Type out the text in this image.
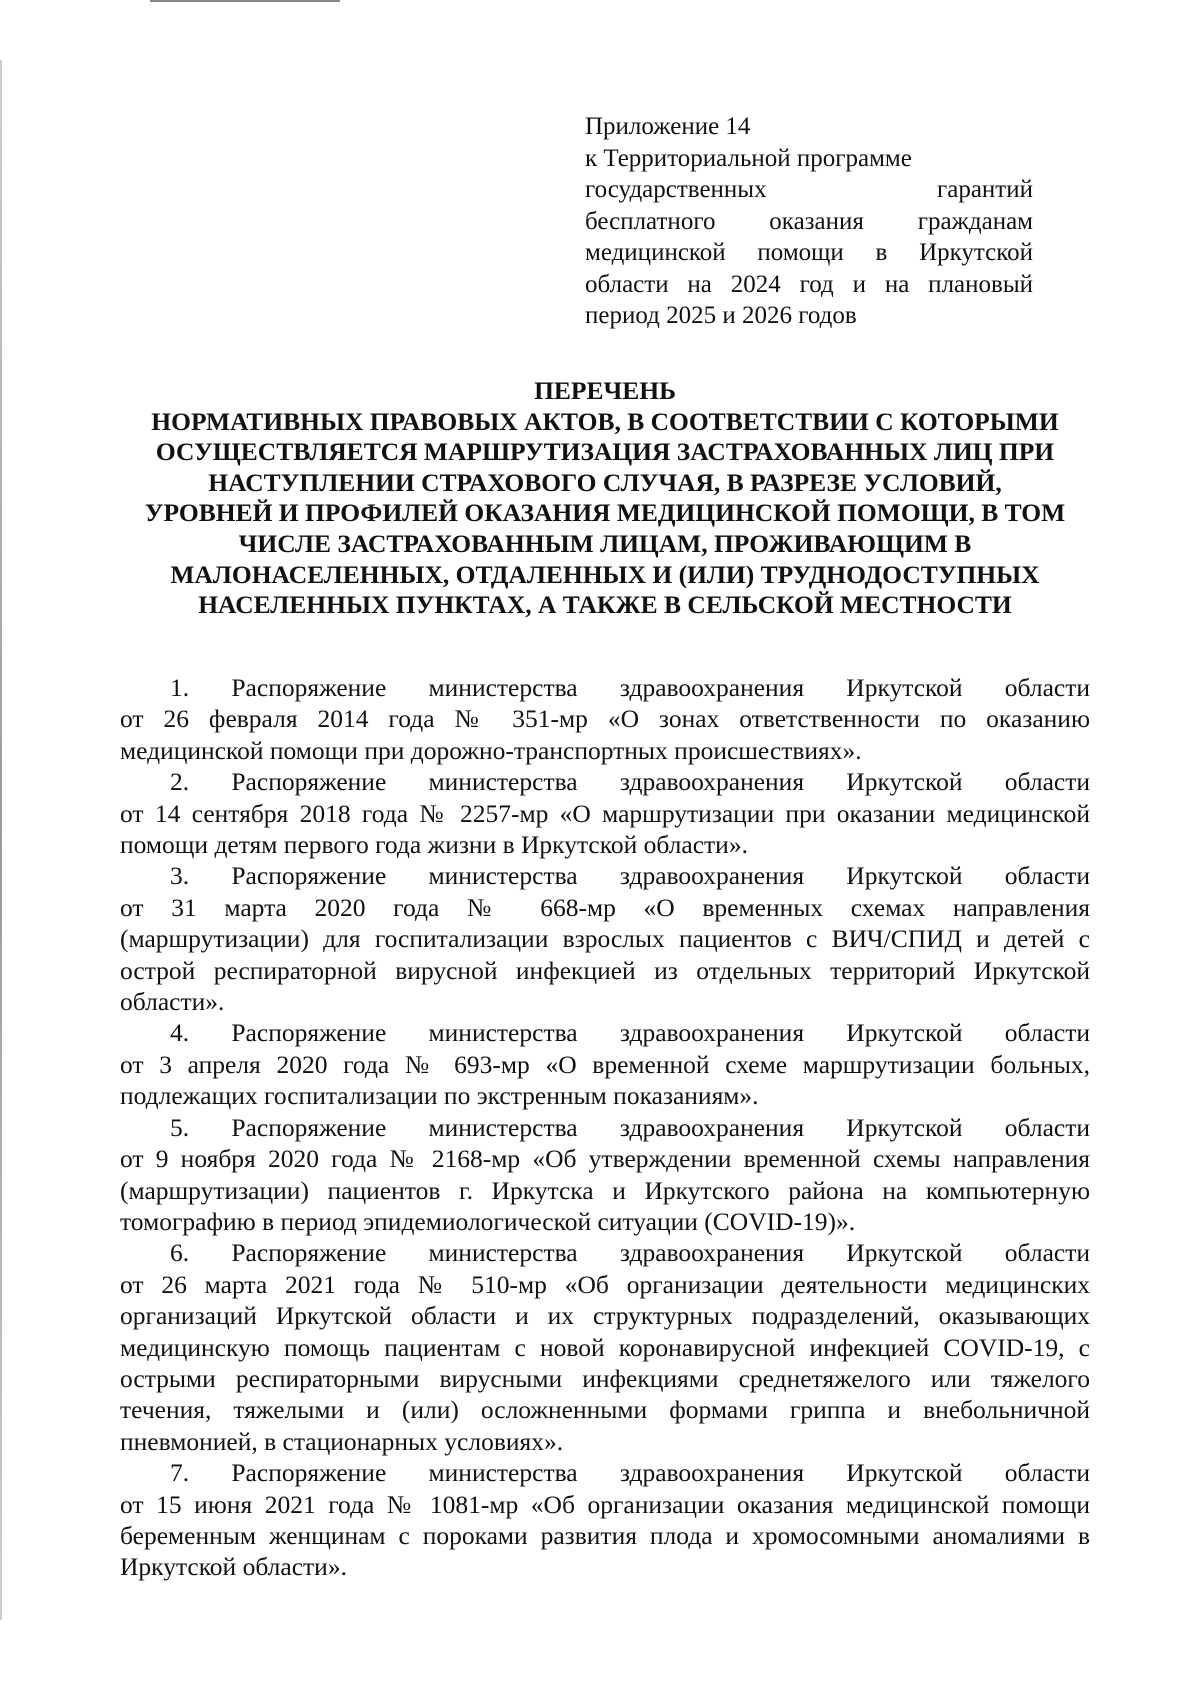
Приложение 14
к Территориальной программе
государственных гарантий
бесплатного оказания гражданам
медицинской помощи в Иркутской
области на 2024 год и на плановый
период 2025 и 2026 годов
ПЕРЕЧЕНЬ
НОРМАТИВНЫХ ПРАВОВЫХ АКТОВ, В СООТВЕТСТВИИ С КОТОРЫМИ
ОСУЩЕСТВЛЯЕТСЯ МАРШРУТИЗАЦИЯ ЗАСТРАХОВАННЫХ ЛИЦ ПРИ
НАСТУПЛЕНИИ СТРАХОВОГО СЛУЧАЯ, В РАЗРЕЗЕ УСЛОВИЙ,
УРОВНЕЙ И ПРОФИЛЕЙ ОКАЗАНИЯ МЕДИЦИНСКОЙ ПОМОЩИ, В ТОМ
ЧИСЛЕ ЗАСТРАХОВАННЫМ ЛИЦАМ, ПРОЖИВАЮЩИМ В
МАЛОНАСЕЛЕННЫХ, ОТДАЛЕННЫХ И (ИЛИ) ТРУДНОДОСТУПНЫХ
НАСЕЛЕННЫХ ПУНКТАХ, А ТАКЖЕ В СЕЛЬСКОЙ МЕСТНОСТИ
1. Распоряжение министерства здравоохранения Иркутской области
от 26 февраля 2014 года № 351-мр «О зонах ответственности по оказанию
медицинской помощи при дорожно-транспортных происшествиях».
2. Распоряжение министерства здравоохранения Иркутской области
от 14 сентября 2018 года № 2257-мр «О маршрутизации при оказании медицинской
помощи детям первого года жизни в Иркутской области».
3. Распоряжение министерства здравоохранения Иркутской области
от 31 марта 2020 года № 668-мр «О временных схемах направления
(маршрутизации) для госпитализации взрослых пациентов с ВИЧ/СПИД и детей с
острой респираторной вирусной инфекцией из отдельных территорий Иркутской
области».
4. Распоряжение министерства здравоохранения Иркутской области
от 3 апреля 2020 года № 693-мр «О временной схеме маршрутизации больных,
подлежащих госпитализации по экстренным показаниям».
5. Распоряжение министерства здравоохранения Иркутской области
от 9 ноября 2020 года № 2168-мр «Об утверждении временной схемы направления
(маршрутизации) пациентов г. Иркутска и Иркутского района на компьютерную
томографию в период эпидемиологической ситуации (COVID-19)».
6. Распоряжение министерства здравоохранения Иркутской области
от 26 марта 2021 года № 510-мр «Об организации деятельности медицинских
организаций Иркутской области и их структурных подразделений, оказывающих
медицинскую помощь пациентам с новой коронавирусной инфекцией COVID-19, с
острыми респираторными вирусными инфекциями среднетяжелого или тяжелого
течения, тяжелыми и (или) осложненными формами гриппа и внебольничной
пневмонией, в стационарных условиях».
7. Распоряжение министерства здравоохранения Иркутской области
от 15 июня 2021 года № 1081-мр «Об организации оказания медицинской помощи
беременным женщинам с пороками развития плода и хромосомными аномалиями в
Иркутской области».
